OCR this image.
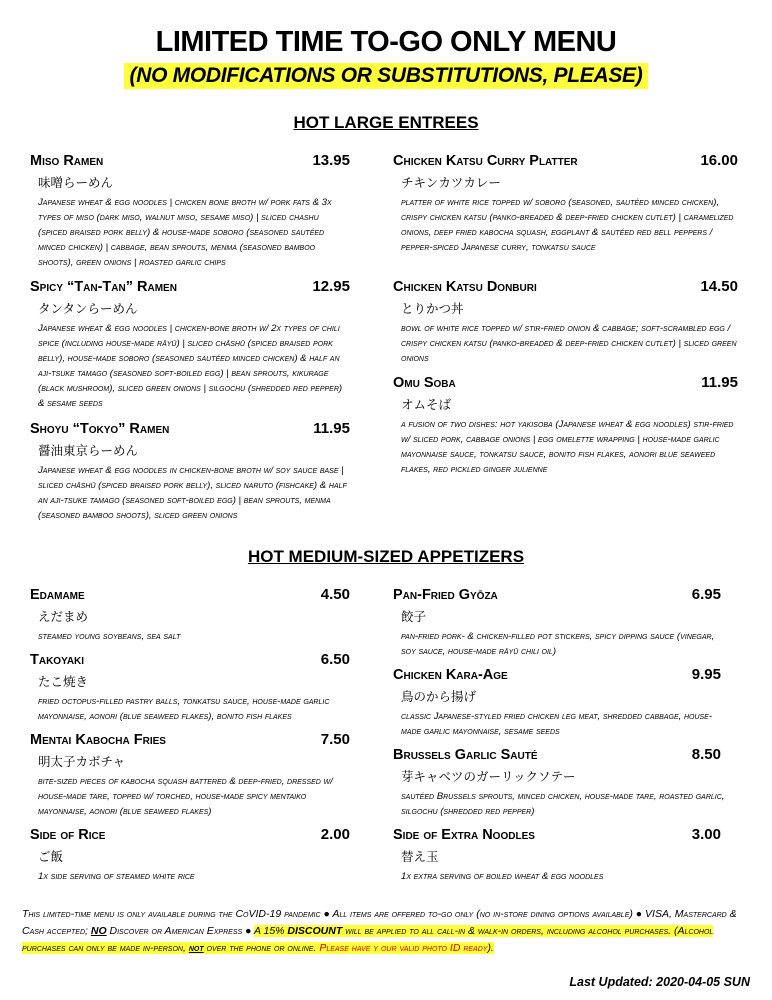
LIMITED TIME TO-GO ONLY MENU
(NO MODIFICATIONS OR SUBSTITUTIONS, PLEASE)
HOT LARGE ENTREES
Miso Ramen	13.95
味噌らーめん
Japanese wheat & egg noodles | chicken bone broth w/ pork fats & 3x types of miso (dark miso, walnut miso, sesame miso) | sliced chashu (spiced braised pork belly) & house-made soboro (seasoned sautéed minced chicken) | cabbage, bean sprouts, menma (seasoned bamboo shoots), green onions | roasted garlic chips
Spicy “Tan-Tan” Ramen	12.95
タンタンらーめん
Japanese wheat & egg noodles | chicken-bone broth w/ 2x types of chili spice (including house-made rāyū) | sliced chāshū (spiced braised pork belly), house-made soboro (seasoned sautéed minced chicken) & half an aji-tsuke tamago (seasoned soft-boiled egg) | bean sprouts, kikurage (black mushroom), sliced green onions | silgochu (shredded red pepper) & sesame seeds
Shoyu “Tokyo” Ramen	11.95
醤油東京らーめん
Japanese wheat & egg noodles in chicken-bone broth w/ soy sauce base | sliced chāshū (spiced braised pork belly), sliced naruto (fishcake) & half an aji-tsuke tamago (seasoned soft-boiled egg) | bean sprouts, menma (seasoned bamboo shoots), sliced green onions
Chicken Katsu Curry Platter	16.00
チキンカツカレー
platter of white rice topped w/ soboro (seasoned, sautéed minced chicken), crispy chicken katsu (panko-breaded & deep-fried chicken cutlet) | caramelized onions, deep fried kabocha squash, eggplant & sautéed red bell peppers / pepper-spiced Japanese curry, tonkatsu sauce
Chicken Katsu Donburi	14.50
とりかつ丼
bowl of white rice topped w/ stir-fried onion & cabbage; soft-scrambled egg / crispy chicken katsu (panko-breaded & deep-fried chicken cutlet) | sliced green onions
Omu Soba	11.95
オムそば
a fusion of two dishes: hot yakisoba (Japanese wheat & egg noodles) stir-fried w/ sliced pork, cabbage onions | egg omelette wrapping | house-made garlic mayonnaise sauce, tonkatsu sauce, bonito fish flakes, aonori blue seaweed flakes, red pickled ginger julienne
HOT MEDIUM-SIZED APPETIZERS
Edamame	4.50
えだまめ
steamed young soybeans, sea salt
Takoyaki	6.50
たこ焼き
fried octopus-filled pastry balls, tonkatsu sauce, house-made garlic mayonnaise, aonori (blue seaweed flakes), bonito fish flakes
Mentai Kabocha Fries	7.50
明太子カボチャ
bite-sized pieces of kabocha squash battered & deep-fried, dressed w/ house-made tare, topped w/ torched, house-made spicy mentaiko mayonnaise, aonori (blue seaweed flakes)
Side of Rice	2.00
ご飯
1x side serving of steamed white rice
Pan-Fried Gyōza	6.95
餃子
pan-fried pork- & chicken-filled pot stickers, spicy dipping sauce (vinegar, soy sauce, house-made rāyū chili oil)
Chicken Kara-Age	9.95
鳥のから揚げ
classic Japanese-styled fried chicken leg meat, shredded cabbage, house-made garlic mayonnaise, sesame seeds
Brussels Garlic Sauté	8.50
芽キャベツのガーリックソテー
sautéed Brussels sprouts, minced chicken, house-made tare, roasted garlic, silgochu (shredded red pepper)
Side of Extra Noodles	3.00
替え玉
1x extra serving of boiled wheat & egg noodles
This limited-time menu is only available during the CoVID-19 pandemic ● All items are offered to-go only (no in-store dining options available) ● VISA, Mastercard & Cash accepted; NO Discover or American Express ● A 15% DISCOUNT will be applied to all call-in & walk-in orders, including alcohol purchases. (Alcohol purchases can only be made in-person, not over the phone or online. Please have y our valid photo ID ready).
Last Updated: 2020-04-05 SUN
